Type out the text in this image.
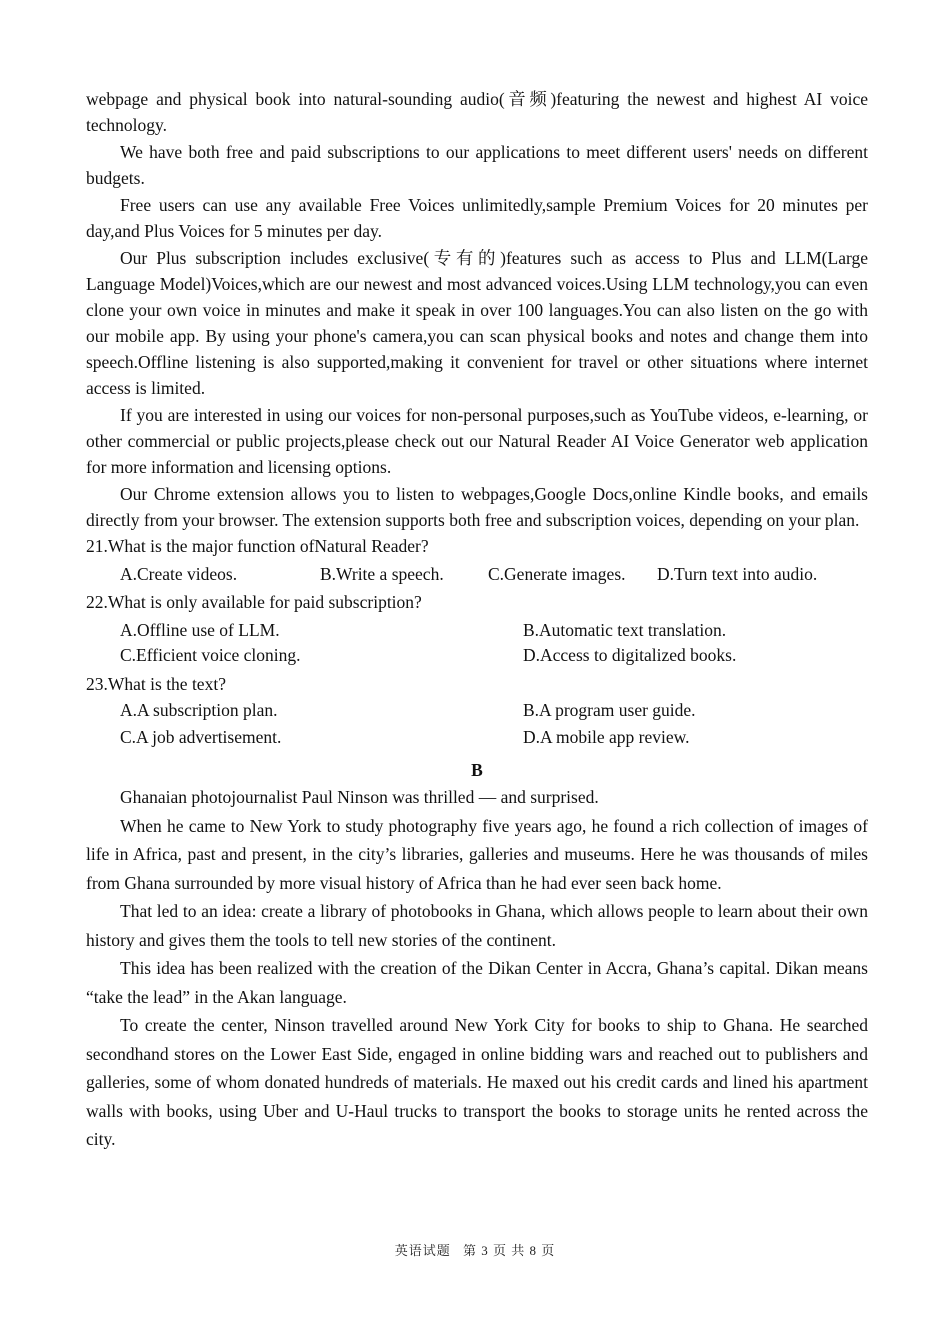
webpage and physical book into natural-sounding audio(音频)featuring the newest and highest AI voice technology.

We have both free and paid subscriptions to our applications to meet different users' needs on different budgets.

Free users can use any available Free Voices unlimitedly,sample Premium Voices for 20 minutes per day,and Plus Voices for 5 minutes per day.

Our Plus subscription includes exclusive(专有的)features such as access to Plus and LLM(Large Language Model)Voices,which are our newest and most advanced voices.Using LLM technology,you can even clone your own voice in minutes and make it speak in over 100 languages.You can also listen on the go with our mobile app. By using your phone's camera,you can scan physical books and notes and change them into speech.Offline listening is also supported,making it convenient for travel or other situations where internet access is limited.

If you are interested in using our voices for non-personal purposes,such as YouTube videos, e-learning, or other commercial or public projects,please check out our Natural Reader AI Voice Generator web application for more information and licensing options.

Our Chrome extension allows you to listen to webpages,Google Docs,online Kindle books, and emails directly from your browser. The extension supports both free and subscription voices, depending on your plan.

21.What is the major function ofNatural Reader?
A.Create videos.	B.Write a speech.	C.Generate images.	D.Turn text into audio.
22.What is only available for paid subscription?
A.Offline use of LLM.	B.Automatic text translation.
C.Efficient voice cloning.	D.Access to digitalized books.
23.What is the text?
A.A subscription plan.	B.A program user guide.
C.A job advertisement.	D.A mobile app review.
B

Ghanaian photojournalist Paul Ninson was thrilled — and surprised.

When he came to New York to study photography five years ago, he found a rich collection of images of life in Africa, past and present, in the city’s libraries, galleries and museums. Here he was thousands of miles from Ghana surrounded by more visual history of Africa than he had ever seen back home.

That led to an idea: create a library of photobooks in Ghana, which allows people to learn about their own history and gives them the tools to tell new stories of the continent.

This idea has been realized with the creation of the Dikan Center in Accra, Ghana’s capital. Dikan means “take the lead” in the Akan language.

To create the center, Ninson travelled around New York City for books to ship to Ghana. He searched secondhand stores on the Lower East Side, engaged in online bidding wars and reached out to publishers and galleries, some of whom donated hundreds of materials. He maxed out his credit cards and lined his apartment walls with books, using Uber and U-Haul trucks to transport the books to storage units he rented across the city.

英语试题 第 3 页 共 8 页
